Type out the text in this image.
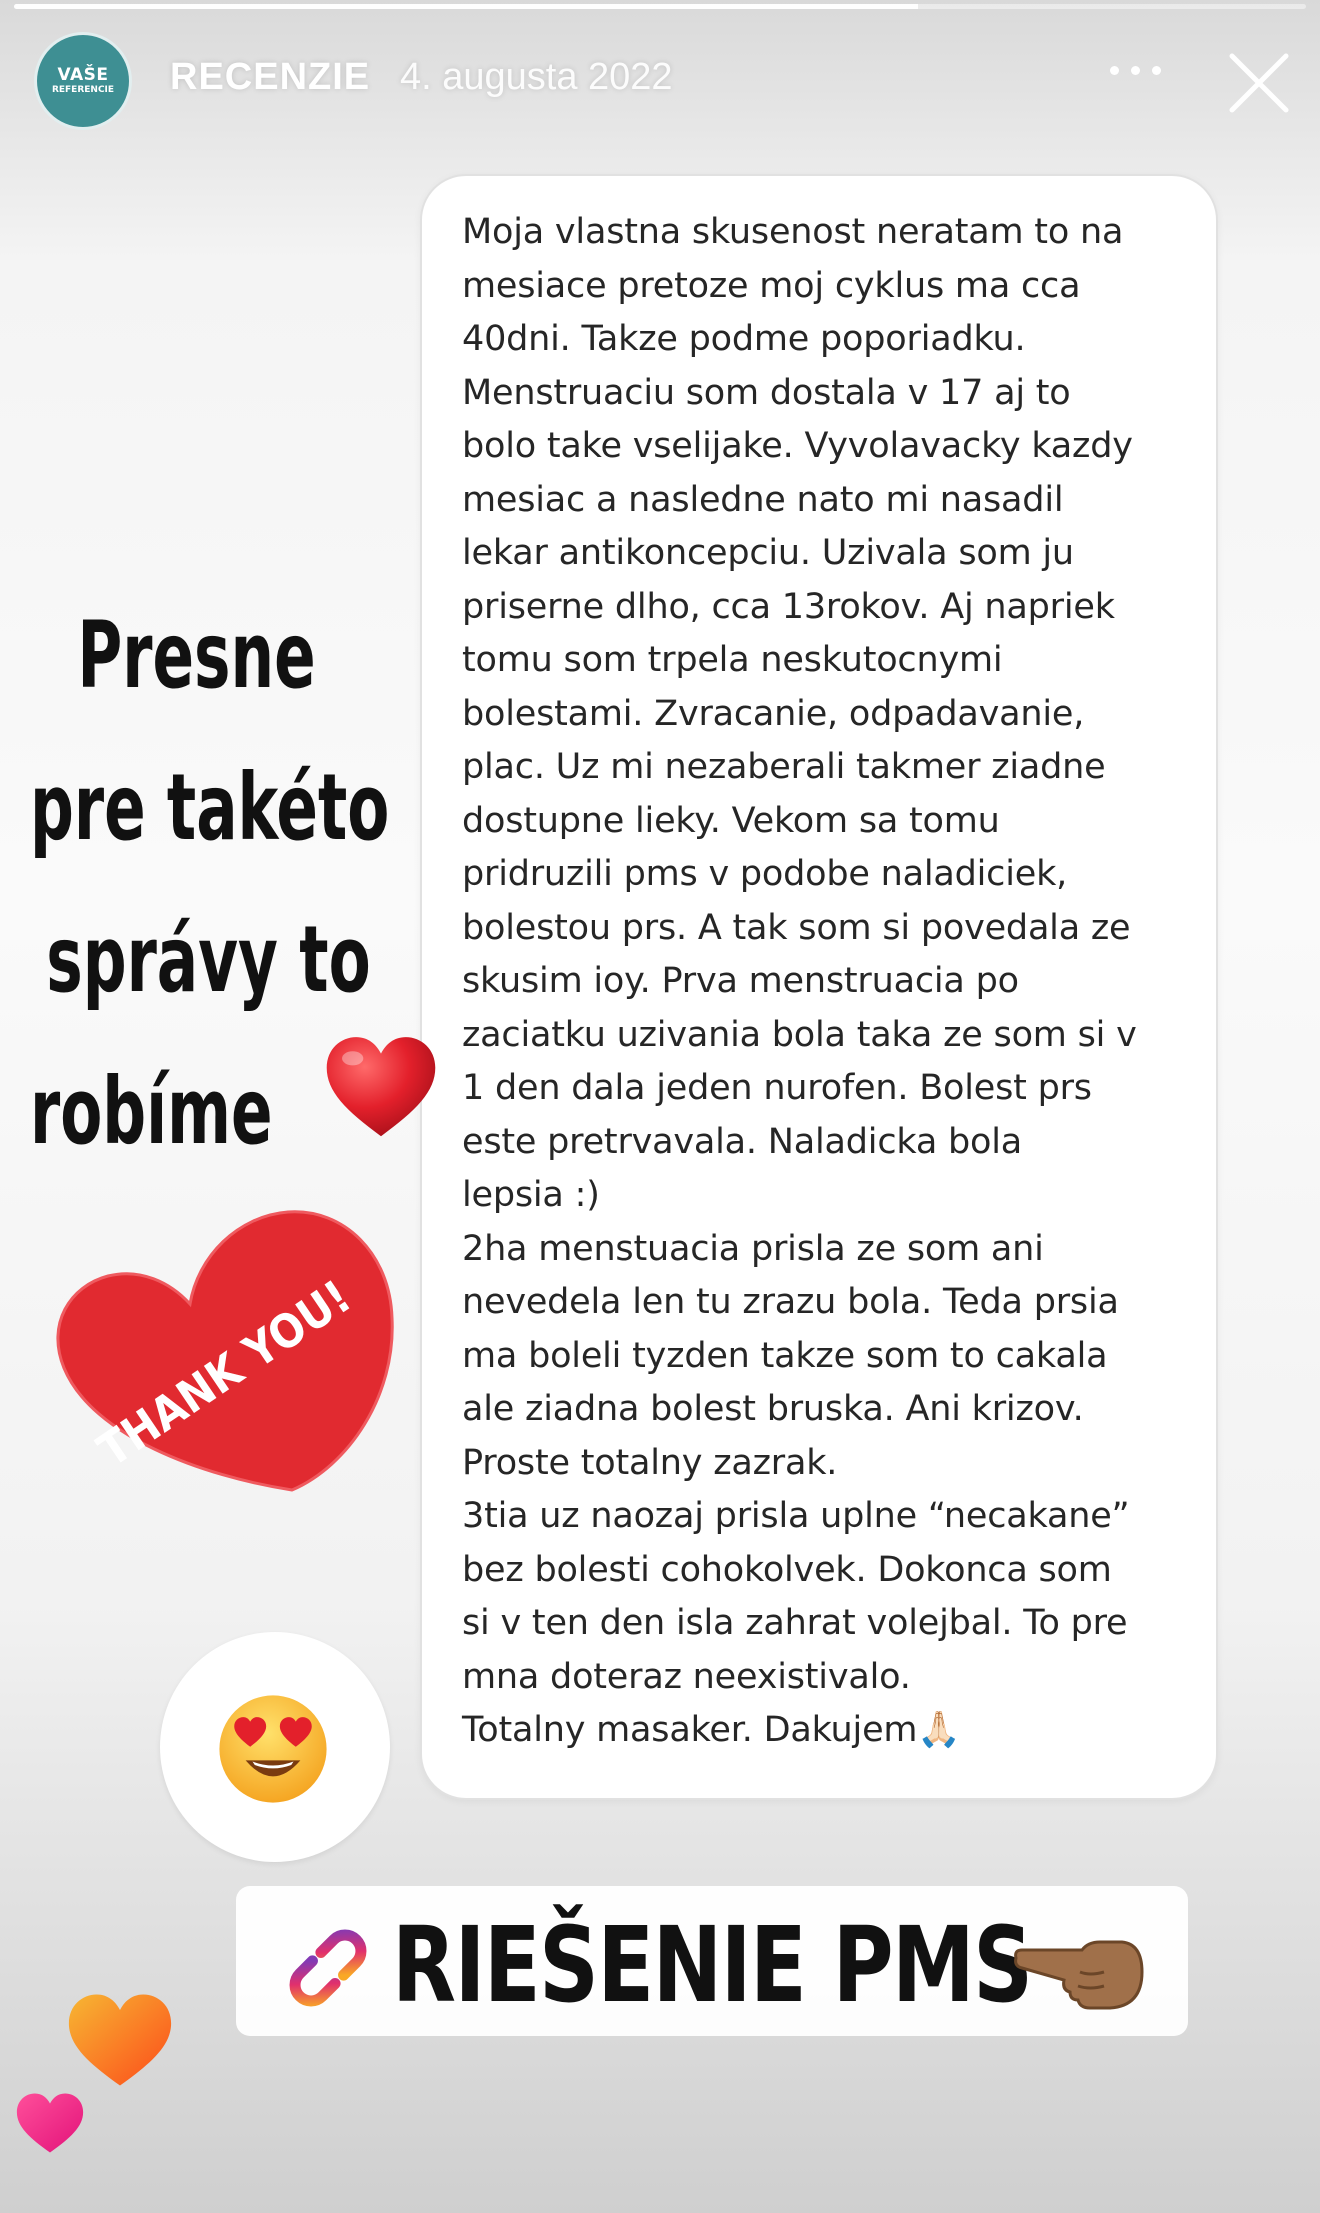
VAŠE
REFERENCIE RECENZIE 4. augusta 2022

Moja vlastna skusenost neratam to na

mesiace pretoze moj cyklus ma cca

40dni. Takze podme poporiadku.

Menstruaciu som dostala v 17 aj to

bolo take vselijake. Vyvolavacky kazdy

mesiac a nasledne nato mi nasadil

lekar antikoncepciu. Uzivala som ju

priserne dlho, cca 13rokov. Aj napriek

tomu som trpela neskutocnymi

bolestami. Zvracanie, odpadavanie,

plac. Uz mi nezaberali takmer ziadne

dostupne lieky. Vekom sa tomu

pridruzili pms v podobe naladiciek,

bolestou prs. A tak som si povedala ze

skusim ioy. Prva menstruacia po

zaciatku uzivania bola taka ze som si v

1 den dala jeden nurofen. Bolest prs

este pretrvavala. Naladicka bola

lepsia :)

2ha menstuacia prisla ze som ani

nevedela len tu zrazu bola. Teda prsia

ma boleli tyzden takze som to cakala

ale ziadna bolest bruska. Ani krizov.

Proste totalny zazrak.

3tia uz naozaj prisla uplne “necakane”

bez bolesti cohokolvek. Dokonca som

si v ten den isla zahrat volejbal. To pre

mna doteraz neexistivalo.

Totalny masaker. Dakujem🙏🏻

Presne
pre takéto
správy to
robíme
THANK YOU!
RIEŠENIE PMS
